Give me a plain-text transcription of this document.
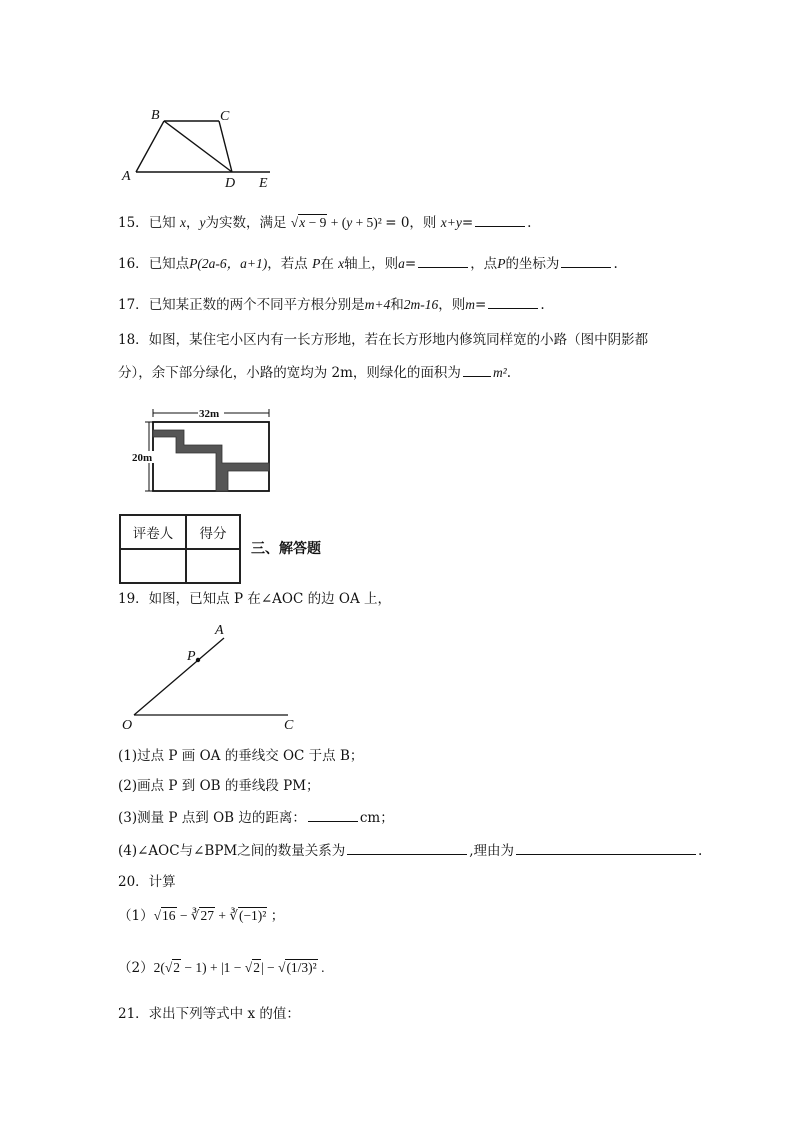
B	C
A	D E
15．已知 x，y为实数，满足 √x − 9 + (y + 5)² = 0，则 x+y=	.
16．已知点P(2a-6，a+1)，若点 P在 x轴上，则a=	，点P的坐标为	.
17．已知某正数的两个不同平方根分别是m+4和2m-16，则m=	.
18．如图，某住宅小区内有一长方形地，若在长方形地内修筑同样宽的小路（图中阴影都
分），余下部分绿化，小路的宽均为 2m，则绿化的面积为 m².
32m
20m
评卷人	得分

三、解答题
19．如图，已知点 P 在∠AOC 的边 OA 上，
A
P
O	C
(1)过点 P 画 OA 的垂线交 OC 于点 B；
(2)画点 P 到 OB 的垂线段 PM；
(3)测量 P 点到 OB 边的距离：	cm；
(4)∠AOC与∠BPM之间的数量关系为	,理由为	.
20．计算
（1）√16 − ∛27 + ∛(−1)² ；
（2）2(√2 − 1) + |1 − √2| − √(1/3)² .
21．求出下列等式中 x 的值：
